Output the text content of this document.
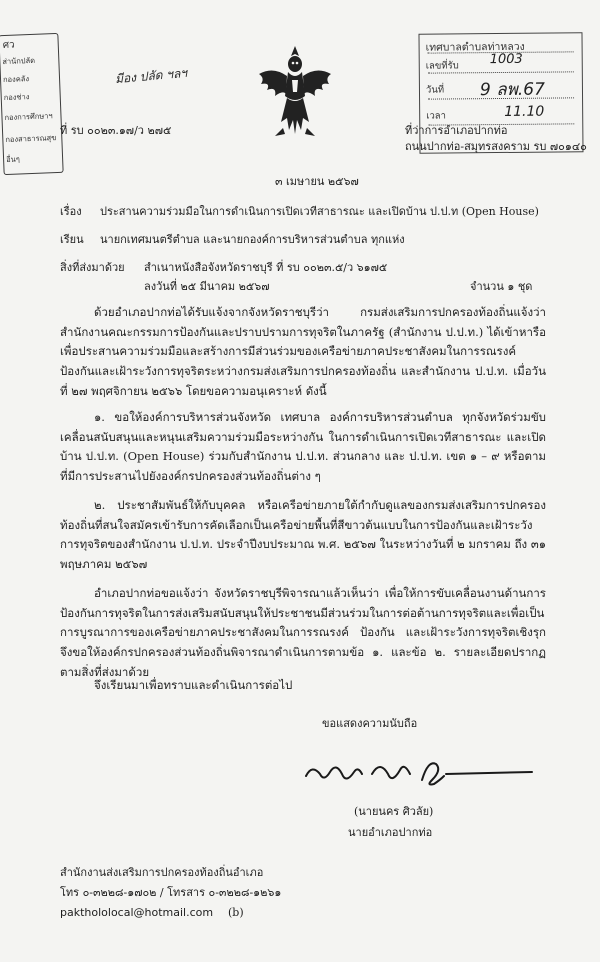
ศว
ส่านักปลัด
กองคลัง
กองช่าง
กองการศึกษาฯ
กองสาธารณสุข
อื่นๆ
มีอง ปลัด ฯลฯ
ที่ รบ ๐๐๒๓.๑๗/ว ๒๗๕
เทศบาลตำบลท่าหลวง
เลขที่รับ 1003
วันที่ 9 ลพ.67
เวลา	11.10
ที่ว่าการอำเภอปากท่อ
ถนนปากท่อ-สมุทรสงคราม รบ ๗๐๑๔๐
๓ เมษายน ๒๕๖๗
เรื่อง ประสานความร่วมมือในการดำเนินการเปิดเวทีสาธารณะ และเปิดบ้าน ป.ป.ท (Open House)
เรียน นายกเทศมนตรีตำบล และนายกองค์การบริหารส่วนตำบล ทุกแห่ง
สิ่งที่ส่งมาด้วย สำเนาหนังสือจังหวัดราชบุรี ที่ รบ ๐๐๒๓.๕/ว ๖๑๗๕
ลงวันที่ ๒๕ มีนาคม ๒๕๖๗	จำนวน ๑ ชุด
ด้วยอำเภอปากท่อได้รับแจ้งจากจังหวัดราชบุรีว่า กรมส่งเสริมการปกครองท้องถิ่นแจ้งว่า สำนักงานคณะกรรมการป้องกันและปราบปรามการทุจริตในภาครัฐ (สำนักงาน ป.ป.ท.) ได้เข้าหารือเพื่อประสานความร่วมมือและสร้างการมีส่วนร่วมของเครือข่ายภาคประชาสังคมในการรณรงค์ ป้องกันและเฝ้าระวังการทุจริตระหว่างกรมส่งเสริมการปกครองท้องถิ่น และสำนักงาน ป.ป.ท. เมื่อวันที่ ๒๗ พฤศจิกายน ๒๕๖๖ โดยขอความอนุเคราะห์ ดังนี้
๑. ขอให้องค์การบริหารส่วนจังหวัด เทศบาล องค์การบริหารส่วนตำบล ทุกจังหวัดร่วมขับเคลื่อนสนับสนุนและหนุนเสริมความร่วมมือระหว่างกัน ในการดำเนินการเปิดเวทีสาธารณะ และเปิดบ้าน ป.ป.ท. (Open House) ร่วมกับสำนักงาน ป.ป.ท. ส่วนกลาง และ ป.ป.ท. เขต ๑ – ๙ หรือตามที่มีการประสานไปยังองค์กรปกครองส่วนท้องถิ่นต่าง ๆ
๒. ประชาสัมพันธ์ให้กับบุคคล หรือเครือข่ายภายใต้กำกับดูแลของกรมส่งเสริมการปกครองท้องถิ่นที่สนใจสมัครเข้ารับการคัดเลือกเป็นเครือข่ายพื้นที่สีขาวต้นแบบในการป้องกันและเฝ้าระวังการทุจริตของสำนักงาน ป.ป.ท. ประจำปีงบประมาณ พ.ศ. ๒๕๖๗ ในระหว่างวันที่ ๒ มกราคม ถึง ๓๑ พฤษภาคม ๒๕๖๗
อำเภอปากท่อขอแจ้งว่า จังหวัดราชบุรีพิจารณาแล้วเห็นว่า เพื่อให้การขับเคลื่อนงานด้านการป้องกันการทุจริตในการส่งเสริมสนับสนุนให้ประชาชนมีส่วนร่วมในการต่อต้านการทุจริตและเพื่อเป็นการบูรณาการของเครือข่ายภาคประชาสังคมในการรณรงค์ ป้องกัน และเฝ้าระวังการทุจริตเชิงรุก จึงขอให้องค์กรปกครองส่วนท้องถิ่นพิจารณาดำเนินการตามข้อ ๑. และข้อ ๒. รายละเอียดปรากฏตามสิ่งที่ส่งมาด้วย
จึงเรียนมาเพื่อทราบและดำเนินการต่อไป
ขอแสดงความนับถือ
(นายนคร ศิวลัย)
นายอำเภอปากท่อ
สำนักงานส่งเสริมการปกครองท้องถิ่นอำเภอ
โทร ๐-๓๒๒๘-๑๗๐๒ / โทรสาร ๐-๓๒๒๘-๑๒๖๑
pakthololocal@hotmail.com (b)
